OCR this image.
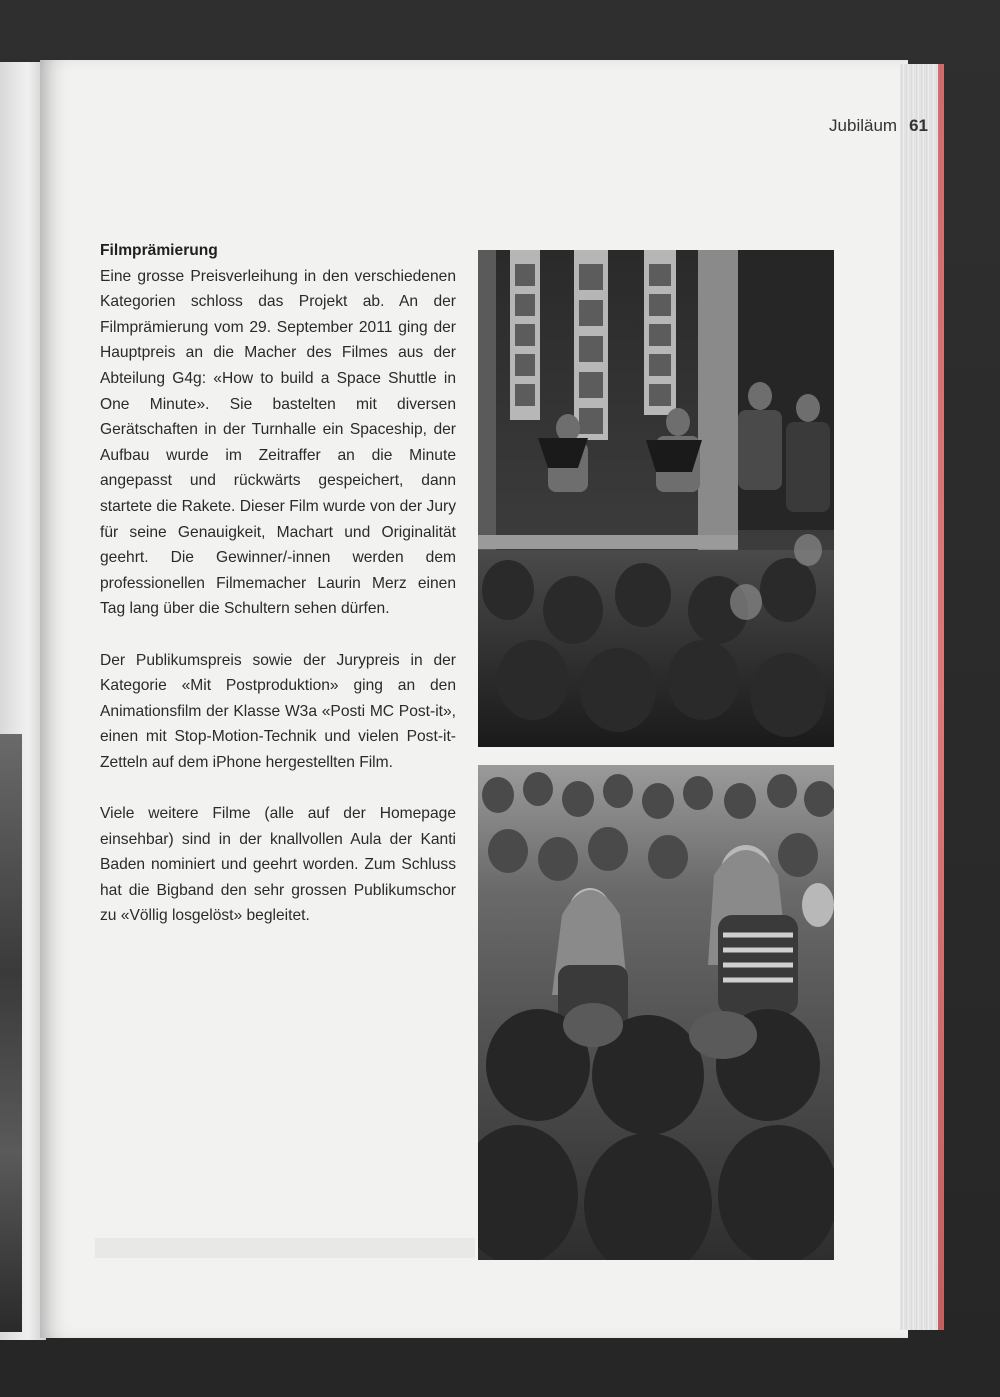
Jubiläum 61
Filmprämierung

Eine grosse Preisverleihung in den verschiedenen Kategorien schloss das Projekt ab. An der Filmprämierung vom 29. September 2011 ging der Hauptpreis an die Macher des Filmes aus der Abteilung G4g: «How to build a Space Shuttle in One Minute». Sie bastelten mit diversen Gerätschaften in der Turnhalle ein Spaceship, der Aufbau wurde im Zeitraffer an die Minute angepasst und rückwärts gespeichert, dann startete die Rakete. Dieser Film wurde von der Jury für seine Genauigkeit, Machart und Originalität geehrt. Die Gewinner/-innen werden dem professionellen Filmemacher Laurin Merz einen Tag lang über die Schultern sehen dürfen.

Der Publikumspreis sowie der Jurypreis in der Kategorie «Mit Postproduktion» ging an den Animationsfilm der Klasse W3a «Posti MC Post-it», einen mit Stop-Motion-Technik und vielen Post-it-Zetteln auf dem iPhone hergestellten Film.

Viele weitere Filme (alle auf der Homepage einsehbar) sind in der knallvollen Aula der Kanti Baden nominiert und geehrt worden. Zum Schluss hat die Bigband den sehr grossen Publikumschor zu «Völlig losgelöst» begleitet.
